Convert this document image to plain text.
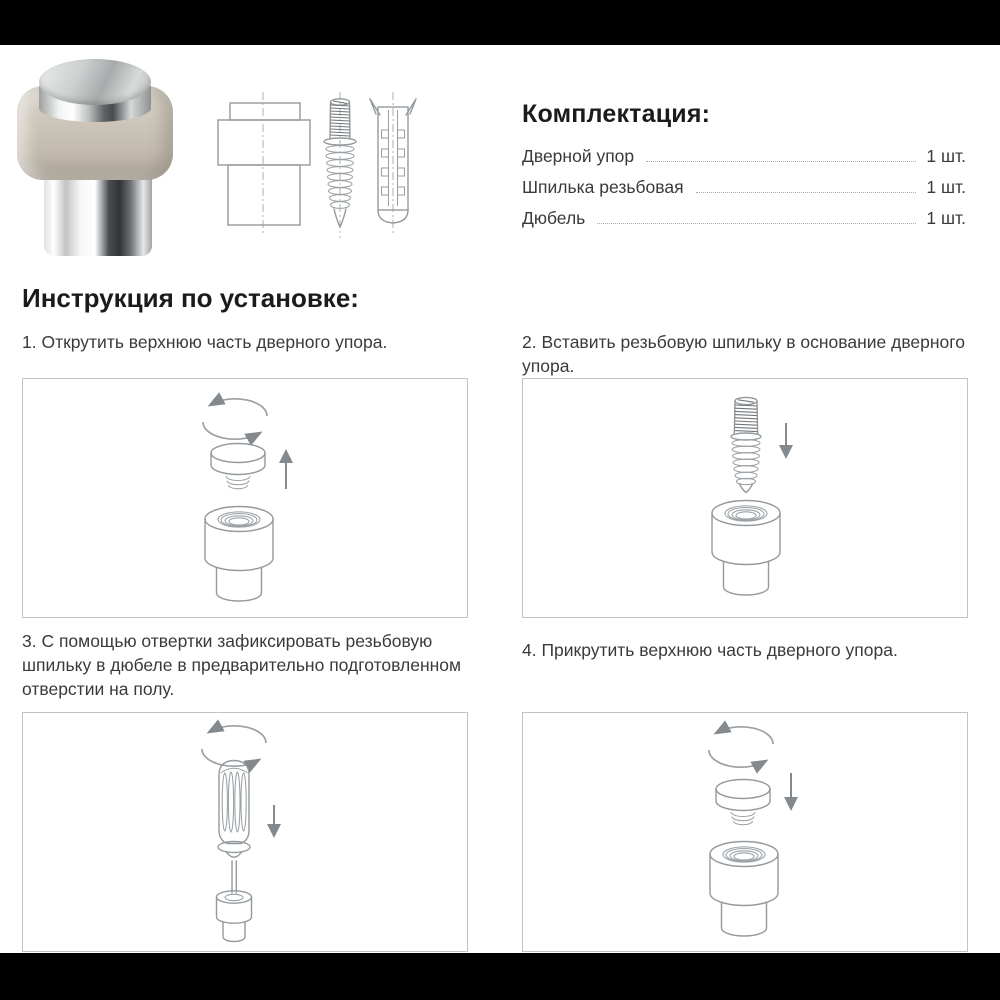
Комплектация:
Дверной упор	1 шт.
Шпилька резьбовая	1 шт.
Дюбель	1 шт.
Инструкция по установке:
1. Открутить верхнюю часть дверного упора.	2. Вставить резьбовую шпильку в основание дверного упора.
3. С помощью отвертки зафиксировать резьбовую шпильку в дюбеле в предварительно подготовленном отверстии на полу.
4. Прикрутить верхнюю часть дверного упора.
